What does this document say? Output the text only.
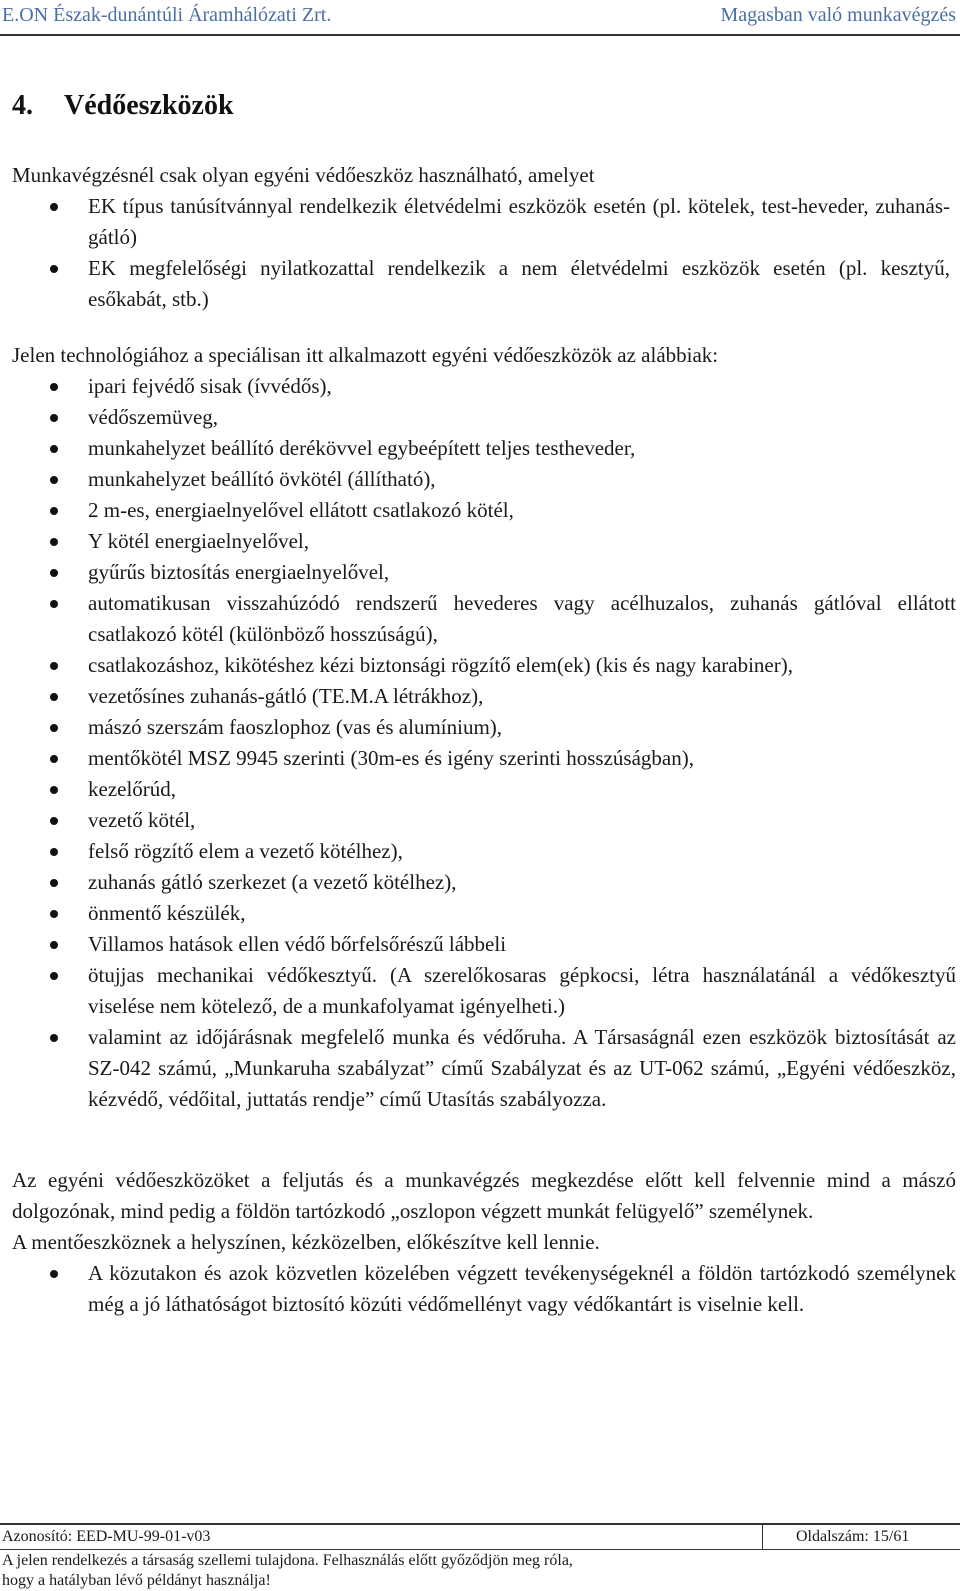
E.ON Észak-dunántúli Áramhálózati Zrt.	Magasban való munkavégzés
4. Védőeszközök

Munkavégzésnél csak olyan egyéni védőeszköz használható, amelyet

EK típus tanúsítvánnyal rendelkezik életvédelmi eszközök esetén (pl. kötelek, test-heveder, zuhanás-gátló)
EK megfelelőségi nyilatkozattal rendelkezik a nem életvédelmi eszközök esetén (pl. kesztyű, esőkabát, stb.)

Jelen technológiához a speciálisan itt alkalmazott egyéni védőeszközök az alábbiak:

ipari fejvédő sisak (ívvédős),
védőszemüveg,
munkahelyzet beállító derékövvel egybeépített teljes testheveder,
munkahelyzet beállító övkötél (állítható),
2 m-es, energiaelnyelővel ellátott csatlakozó kötél,
Y kötél energiaelnyelővel,
gyűrűs biztosítás energiaelnyelővel,
automatikusan visszahúzódó rendszerű hevederes vagy acélhuzalos, zuhanás gátlóval ellátott csatlakozó kötél (különböző hosszúságú),
csatlakozáshoz, kikötéshez kézi biztonsági rögzítő elem(ek) (kis és nagy karabiner),
vezetősínes zuhanás-gátló (TE.M.A létrákhoz),
mászó szerszám faoszlophoz (vas és alumínium),
mentőkötél MSZ 9945 szerinti (30m-es és igény szerinti hosszúságban),
kezelőrúd,
vezető kötél,
felső rögzítő elem a vezető kötélhez),
zuhanás gátló szerkezet (a vezető kötélhez),
önmentő készülék,
Villamos hatások ellen védő bőrfelsőrészű lábbeli
ötujjas mechanikai védőkesztyű. (A szerelőkosaras gépkocsi, létra használatánál a védőkesztyű viselése nem kötelező, de a munkafolyamat igényelheti.)
valamint az időjárásnak megfelelő munka és védőruha. A Társaságnál ezen eszközök biztosítását az SZ-042 számú, „Munkaruha szabályzat” című Szabályzat és az UT-062 számú, „Egyéni védőeszköz, kézvédő, védőital, juttatás rendje” című Utasítás szabályozza.

Az egyéni védőeszközöket a feljutás és a munkavégzés megkezdése előtt kell felvennie mind a mászó dolgozónak, mind pedig a földön tartózkodó „oszlopon végzett munkát felügyelő” személynek.

A mentőeszköznek a helyszínen, kézközelben, előkészítve kell lennie.

A közutakon és azok közvetlen közelében végzett tevékenységeknél a földön tartózkodó személynek még a jó láthatóságot biztosító közúti védőmellényt vagy védőkantárt is viselnie kell.
Azonosító: EED-MU-99-01-v03	Oldalszám: 15/61
A jelen rendelkezés a társaság szellemi tulajdona. Felhasználás előtt győződjön meg róla,
hogy a hatályban lévő példányt használja!
